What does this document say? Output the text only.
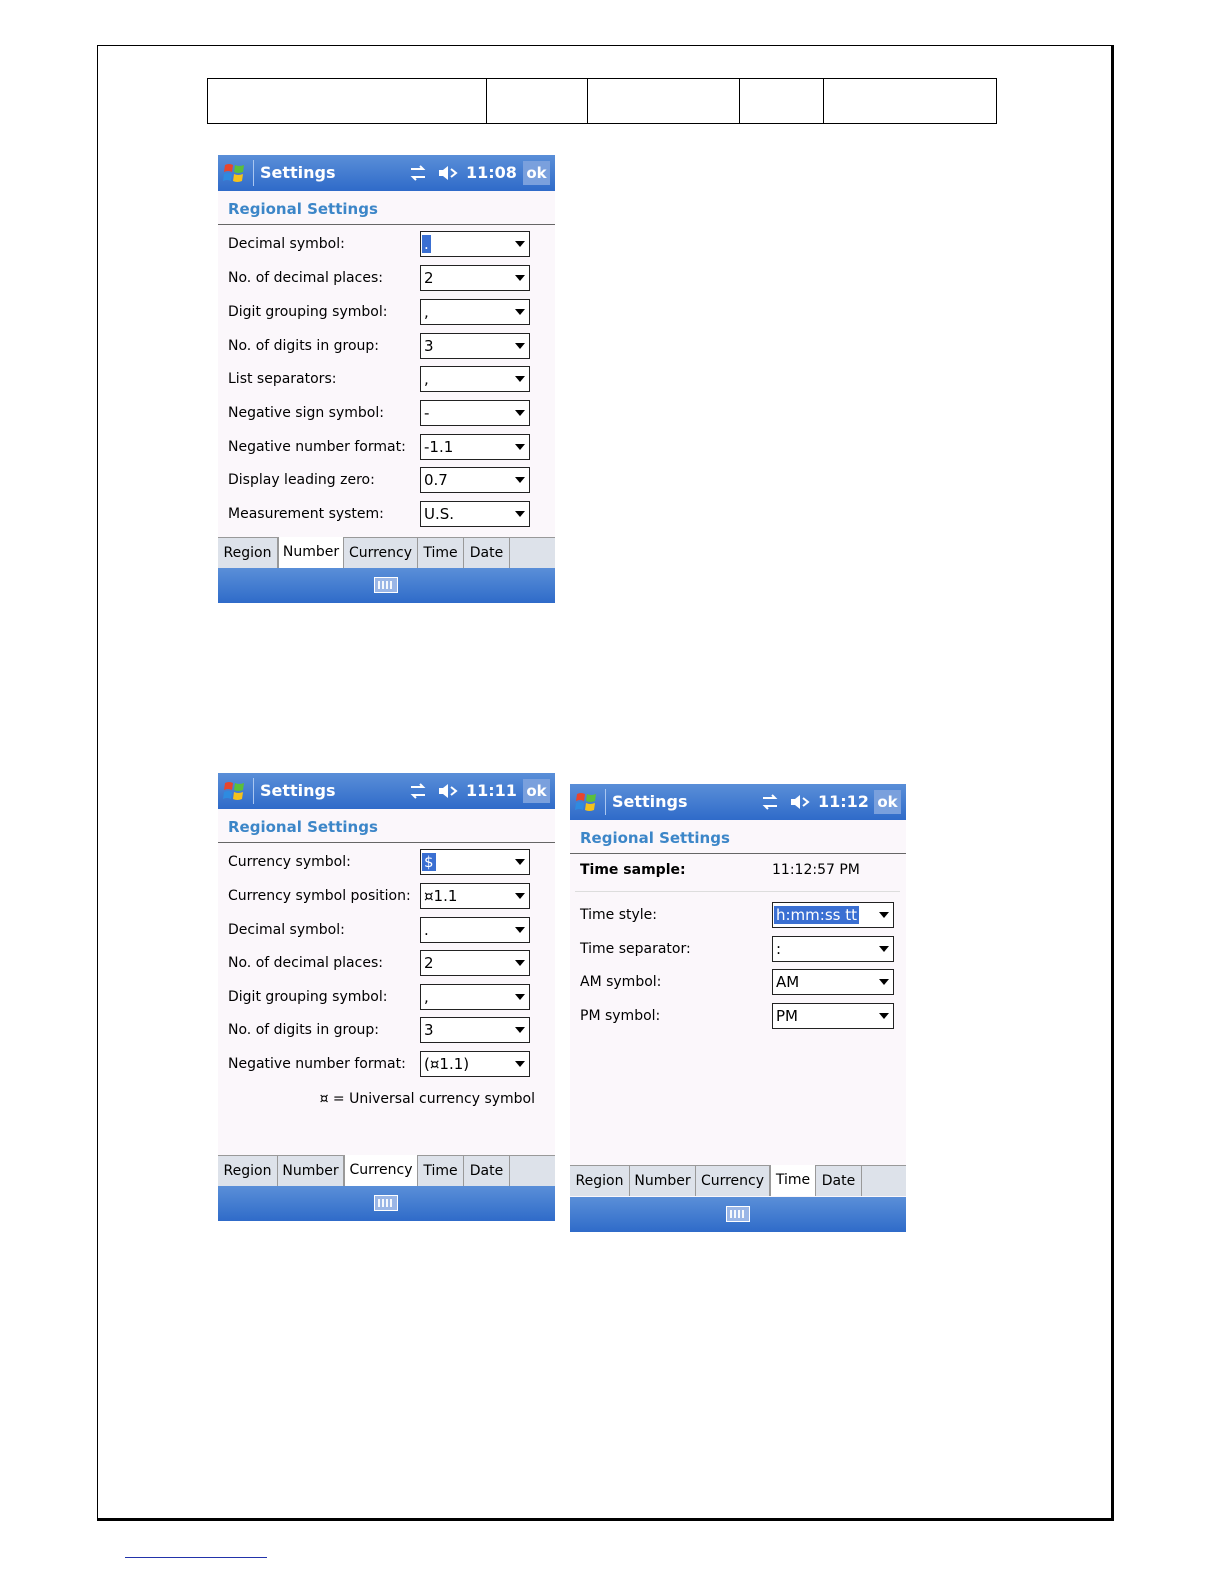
Settings	11:08 ok
Regional Settings
Decimal symbol:	.
No. of decimal places:	2
Digit grouping symbol: ,
No. of digits in group:	3
List separators:	,
Negative sign symbol:	-
Negative number format: -1.1
Display leading zero:	0.7
Measurement system:	U.S.
Region Number Currency Time Date
Settings	11:11 ok
Regional Settings
Currency symbol:	$
Currency symbol position: ¤1.1
Decimal symbol:	.
No. of decimal places:	2
Digit grouping symbol: ,
No. of digits in group:	3
Negative number format: (¤1.1)
¤ = Universal currency symbol
Region Number Currency Time Date
Settings	11:12 ok
Regional Settings
Time sample:	11:12:57 PM
Time style:	h:mm:ss tt
Time separator:	:
AM symbol:	AM
PM symbol:	PM
Region Number Currency Time Date
